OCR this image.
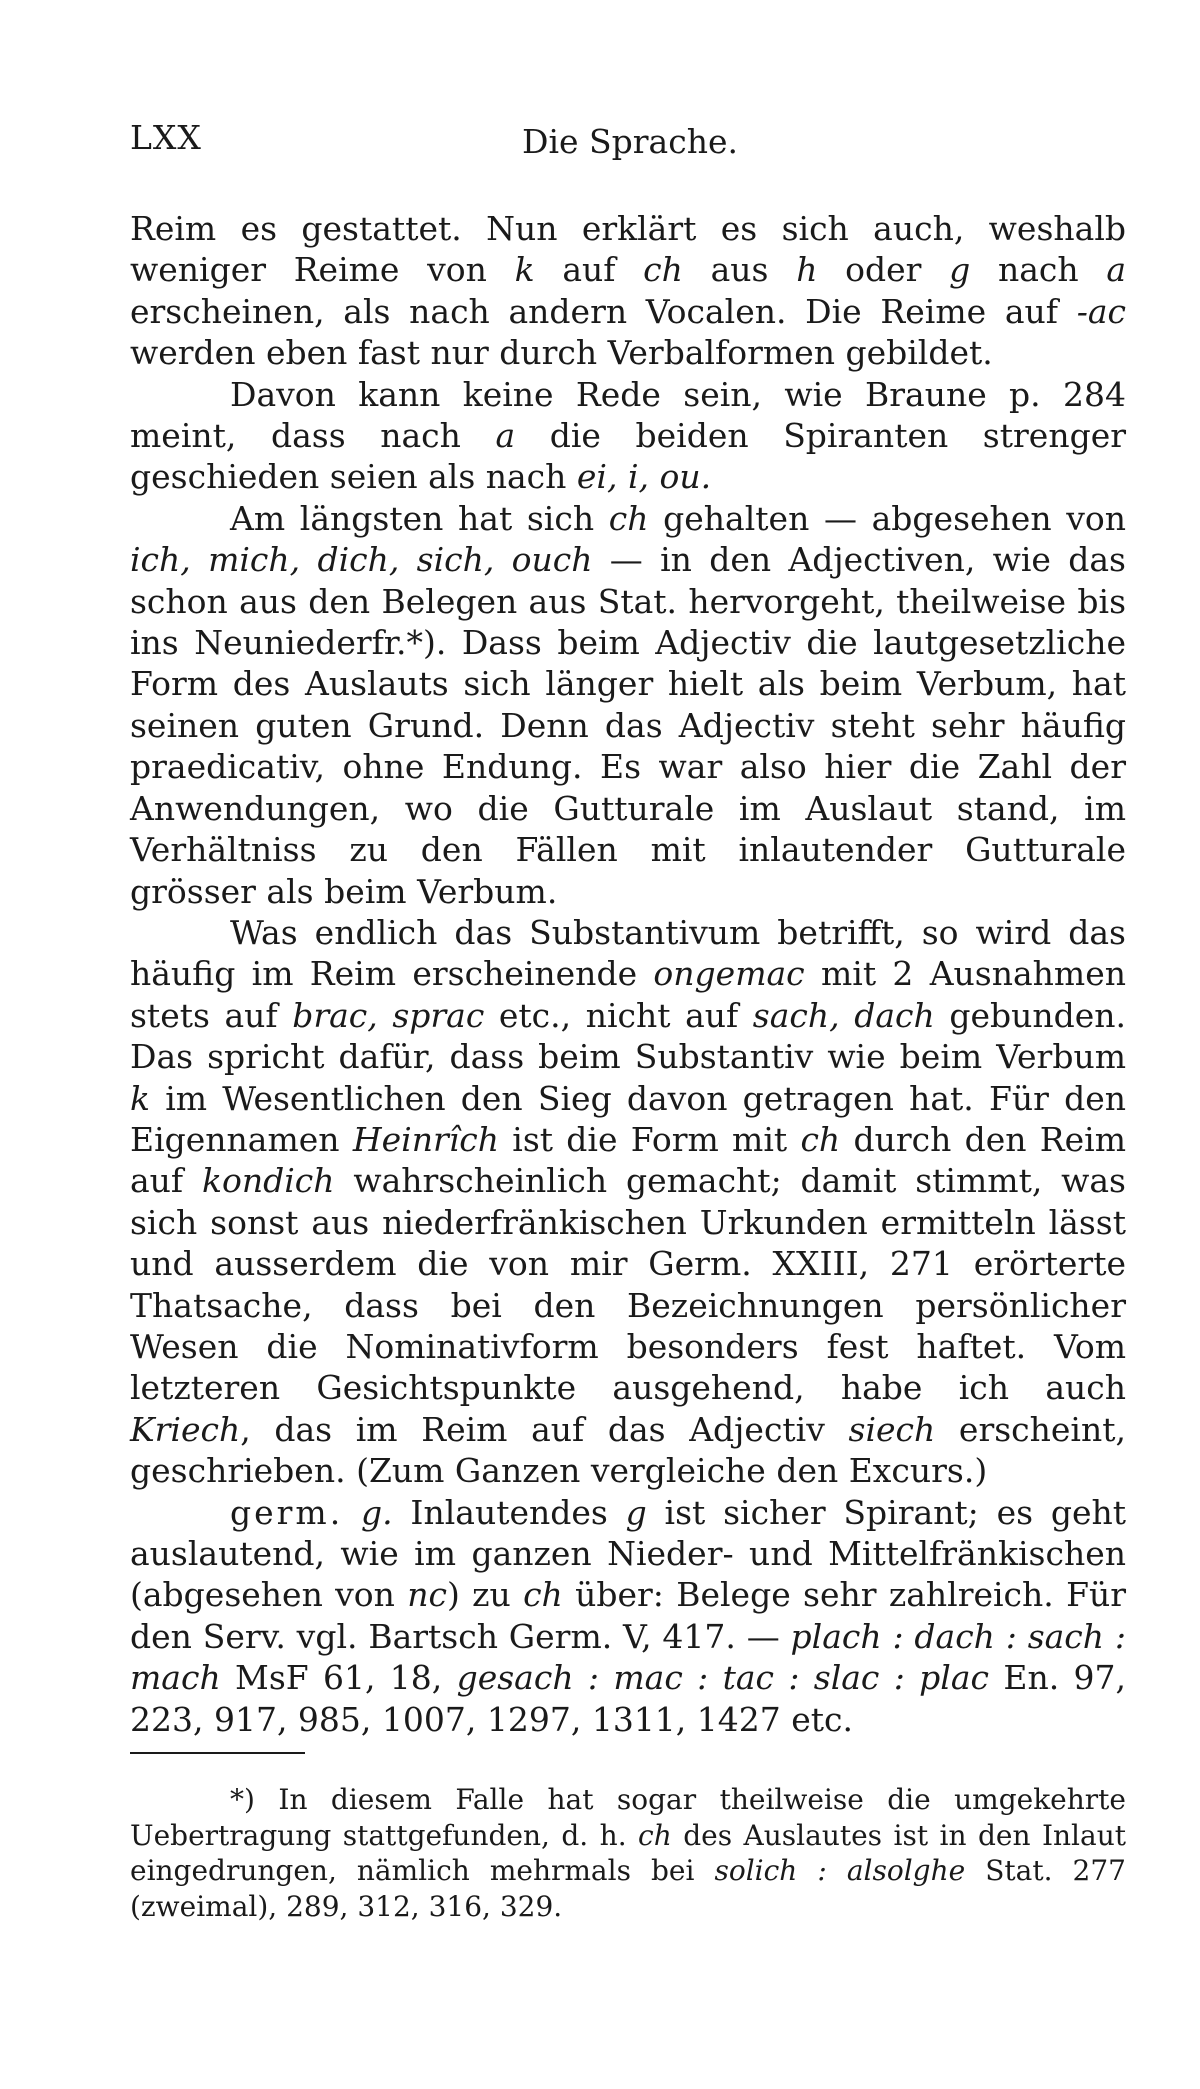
LXX	Die Sprache.

Reim es gestattet. Nun erklärt es sich auch, weshalb weniger Reime von k auf ch aus h oder g nach a erscheinen, als nach andern Vocalen. Die Reime auf -ac werden eben fast nur durch Verbalformen gebildet.

Davon kann keine Rede sein, wie Braune p. 284 meint, dass nach a die beiden Spiranten strenger geschieden seien als nach ei, i, ou.

Am längsten hat sich ch gehalten — abgesehen von ich, mich, dich, sich, ouch — in den Adjectiven, wie das schon aus den Belegen aus Stat. hervorgeht, theilweise bis ins Neuniederfr.*). Dass beim Adjectiv die lautgesetzliche Form des Auslauts sich länger hielt als beim Verbum, hat seinen guten Grund. Denn das Adjectiv steht sehr häufig praedicativ, ohne Endung. Es war also hier die Zahl der Anwendungen, wo die Gutturale im Auslaut stand, im Verhältniss zu den Fällen mit inlautender Gutturale grösser als beim Verbum.

Was endlich das Substantivum betrifft, so wird das häufig im Reim erscheinende ongemac mit 2 Ausnahmen stets auf brac, sprac etc., nicht auf sach, dach gebunden. Das spricht dafür, dass beim Substantiv wie beim Verbum k im Wesentlichen den Sieg davon getragen hat. Für den Eigennamen Heinrîch ist die Form mit ch durch den Reim auf kondich wahrscheinlich gemacht; damit stimmt, was sich sonst aus niederfränkischen Urkunden ermitteln lässt und ausserdem die von mir Germ. XXIII, 271 erörterte Thatsache, dass bei den Bezeichnungen persönlicher Wesen die Nominativform besonders fest haftet. Vom letzteren Gesichtspunkte ausgehend, habe ich auch Kriech, das im Reim auf das Adjectiv siech erscheint, geschrieben. (Zum Ganzen vergleiche den Excurs.)

germ. g. Inlautendes g ist sicher Spirant; es geht auslautend, wie im ganzen Nieder- und Mittelfränkischen (abgesehen von nc) zu ch über: Belege sehr zahlreich. Für den Serv. vgl. Bartsch Germ. V, 417. — plach : dach : sach : mach MsF 61, 18, gesach : mac : tac : slac : plac En. 97, 223, 917, 985, 1007, 1297, 1311, 1427 etc.

*) In diesem Falle hat sogar theilweise die umgekehrte Uebertragung stattgefunden, d. h. ch des Auslautes ist in den Inlaut eingedrungen, nämlich mehrmals bei solich : alsolghe Stat. 277 (zweimal), 289, 312, 316, 329.
